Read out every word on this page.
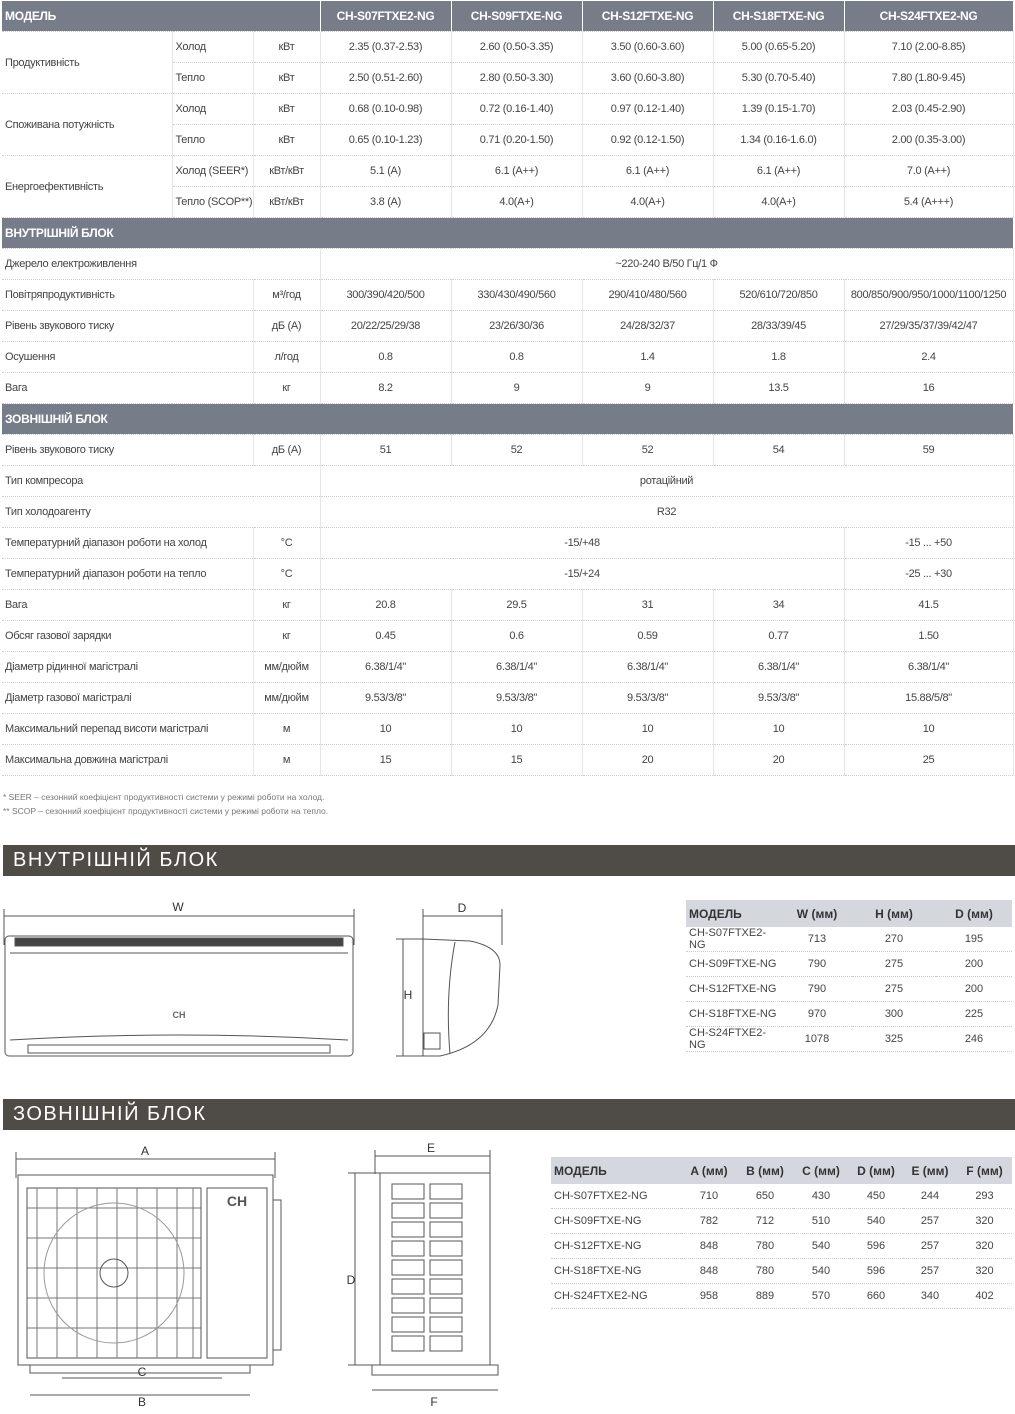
МОДЕЛЬ			CH-S07FTXE2-NG	CH-S09FTXE-NG	CH-S12FTXE-NG	CH-S18FTXE-NG	CH-S24FTXE2-NG
Продуктивність	Холод	кВт	2.35 (0.37-2.53)	2.60 (0.50-3.35)	3.50 (0.60-3.60)	5.00 (0.65-5.20)	7.10 (2.00-8.85)
	Тепло	кВт	2.50 (0.51-2.60)	2.80 (0.50-3.30)	3.60 (0.60-3.80)	5.30 (0.70-5.40)	7.80 (1.80-9.45)
Споживана потужність	Холод	кВт	0.68 (0.10-0.98)	0.72 (0.16-1.40)	0.97 (0.12-1.40)	1.39 (0.15-1.70)	2.03 (0.45-2.90)
	Тепло	кВт	0.65 (0.10-1.23)	0.71 (0.20-1.50)	0.92 (0.12-1.50)	1.34 (0.16-1.6.0)	2.00 (0.35-3.00)
Енергоефективність	Холод (SEER*)	кВт/кВт	5.1 (A)	6.1 (A++)	6.1 (A++)	6.1 (A++)	7.0 (A++)
	Тепло (SCOP**)	кВт/кВт	3.8 (A)	4.0(A+)	4.0(A+)	4.0(A+)	5.4 (A+++)
ВНУТРІШНІЙ БЛОК							
Джерело електроживлення			~220-240 В/50 Гц/1 Ф				
Повітряпродуктивність		м³/год	300/390/420/500	330/430/490/560	290/410/480/560	520/610/720/850	800/850/900/950/1000/1100/1250
Рівень звукового тиску		дБ (А)	20/22/25/29/38	23/26/30/36	24/28/32/37	28/33/39/45	27/29/35/37/39/42/47
Осушення		л/год	0.8	0.8	1.4	1.8	2.4
Вага		кг	8.2	9	9	13.5	16
ЗОВНІШНІЙ БЛОК							
Рівень звукового тиску		дБ (А)	51	52	52	54	59
Тип компресора			ротаційний				
Тип холодоагенту			R32				
Температурний діапазон роботи на холод		°C	-15/+48				-15 ... +50
Температурний діапазон роботи на тепло		°C	-15/+24				-25 ... +30
Вага		кг	20.8	29.5	31	34	41.5
Обсяг газової зарядки		кг	0.45	0.6	0.59	0.77	1.50
Діаметр рідинної магістралі		мм/дюйм	6.38/1/4"	6.38/1/4"	6.38/1/4"	6.38/1/4"	6.38/1/4"
Діаметр газової магістралі		мм/дюйм	9.53/3/8"	9.53/3/8"	9.53/3/8"	9.53/3/8"	15.88/5/8"
Максимальний перепад висоти магістралі		м	10	10	10	10	10
Максимальна довжина магістралі		м	15	15	20	20	25
* SEER – сезонний коефіцієнт продуктивності системи у режимі роботи на холод.
** SCOP – сезонний коефіцієнт продуктивності системи у режимі роботи на тепло.
ВНУТРІШНІЙ БЛОК
W	D
H
CH
МОДЕЛЬ	W (мм)	H (мм)	D (мм)
CH-S07FTXE2-NG	713	270	195
CH-S09FTXE-NG	790	275	200
CH-S12FTXE-NG	790	275	200
CH-S18FTXE-NG	970	300	225
CH-S24FTXE2-NG	1078	325	246
ЗОВНІШНІЙ БЛОК
A
C
B
E
D
F
CH
МОДЕЛЬ	A (мм)	B (мм)	C (мм)	D (мм)	E (мм)	F (мм)
CH-S07FTXE2-NG	710	650	430	450	244	293
CH-S09FTXE-NG	782	712	510	540	257	320
CH-S12FTXE-NG	848	780	540	596	257	320
CH-S18FTXE-NG	848	780	540	596	257	320
CH-S24FTXE2-NG	958	889	570	660	340	402
